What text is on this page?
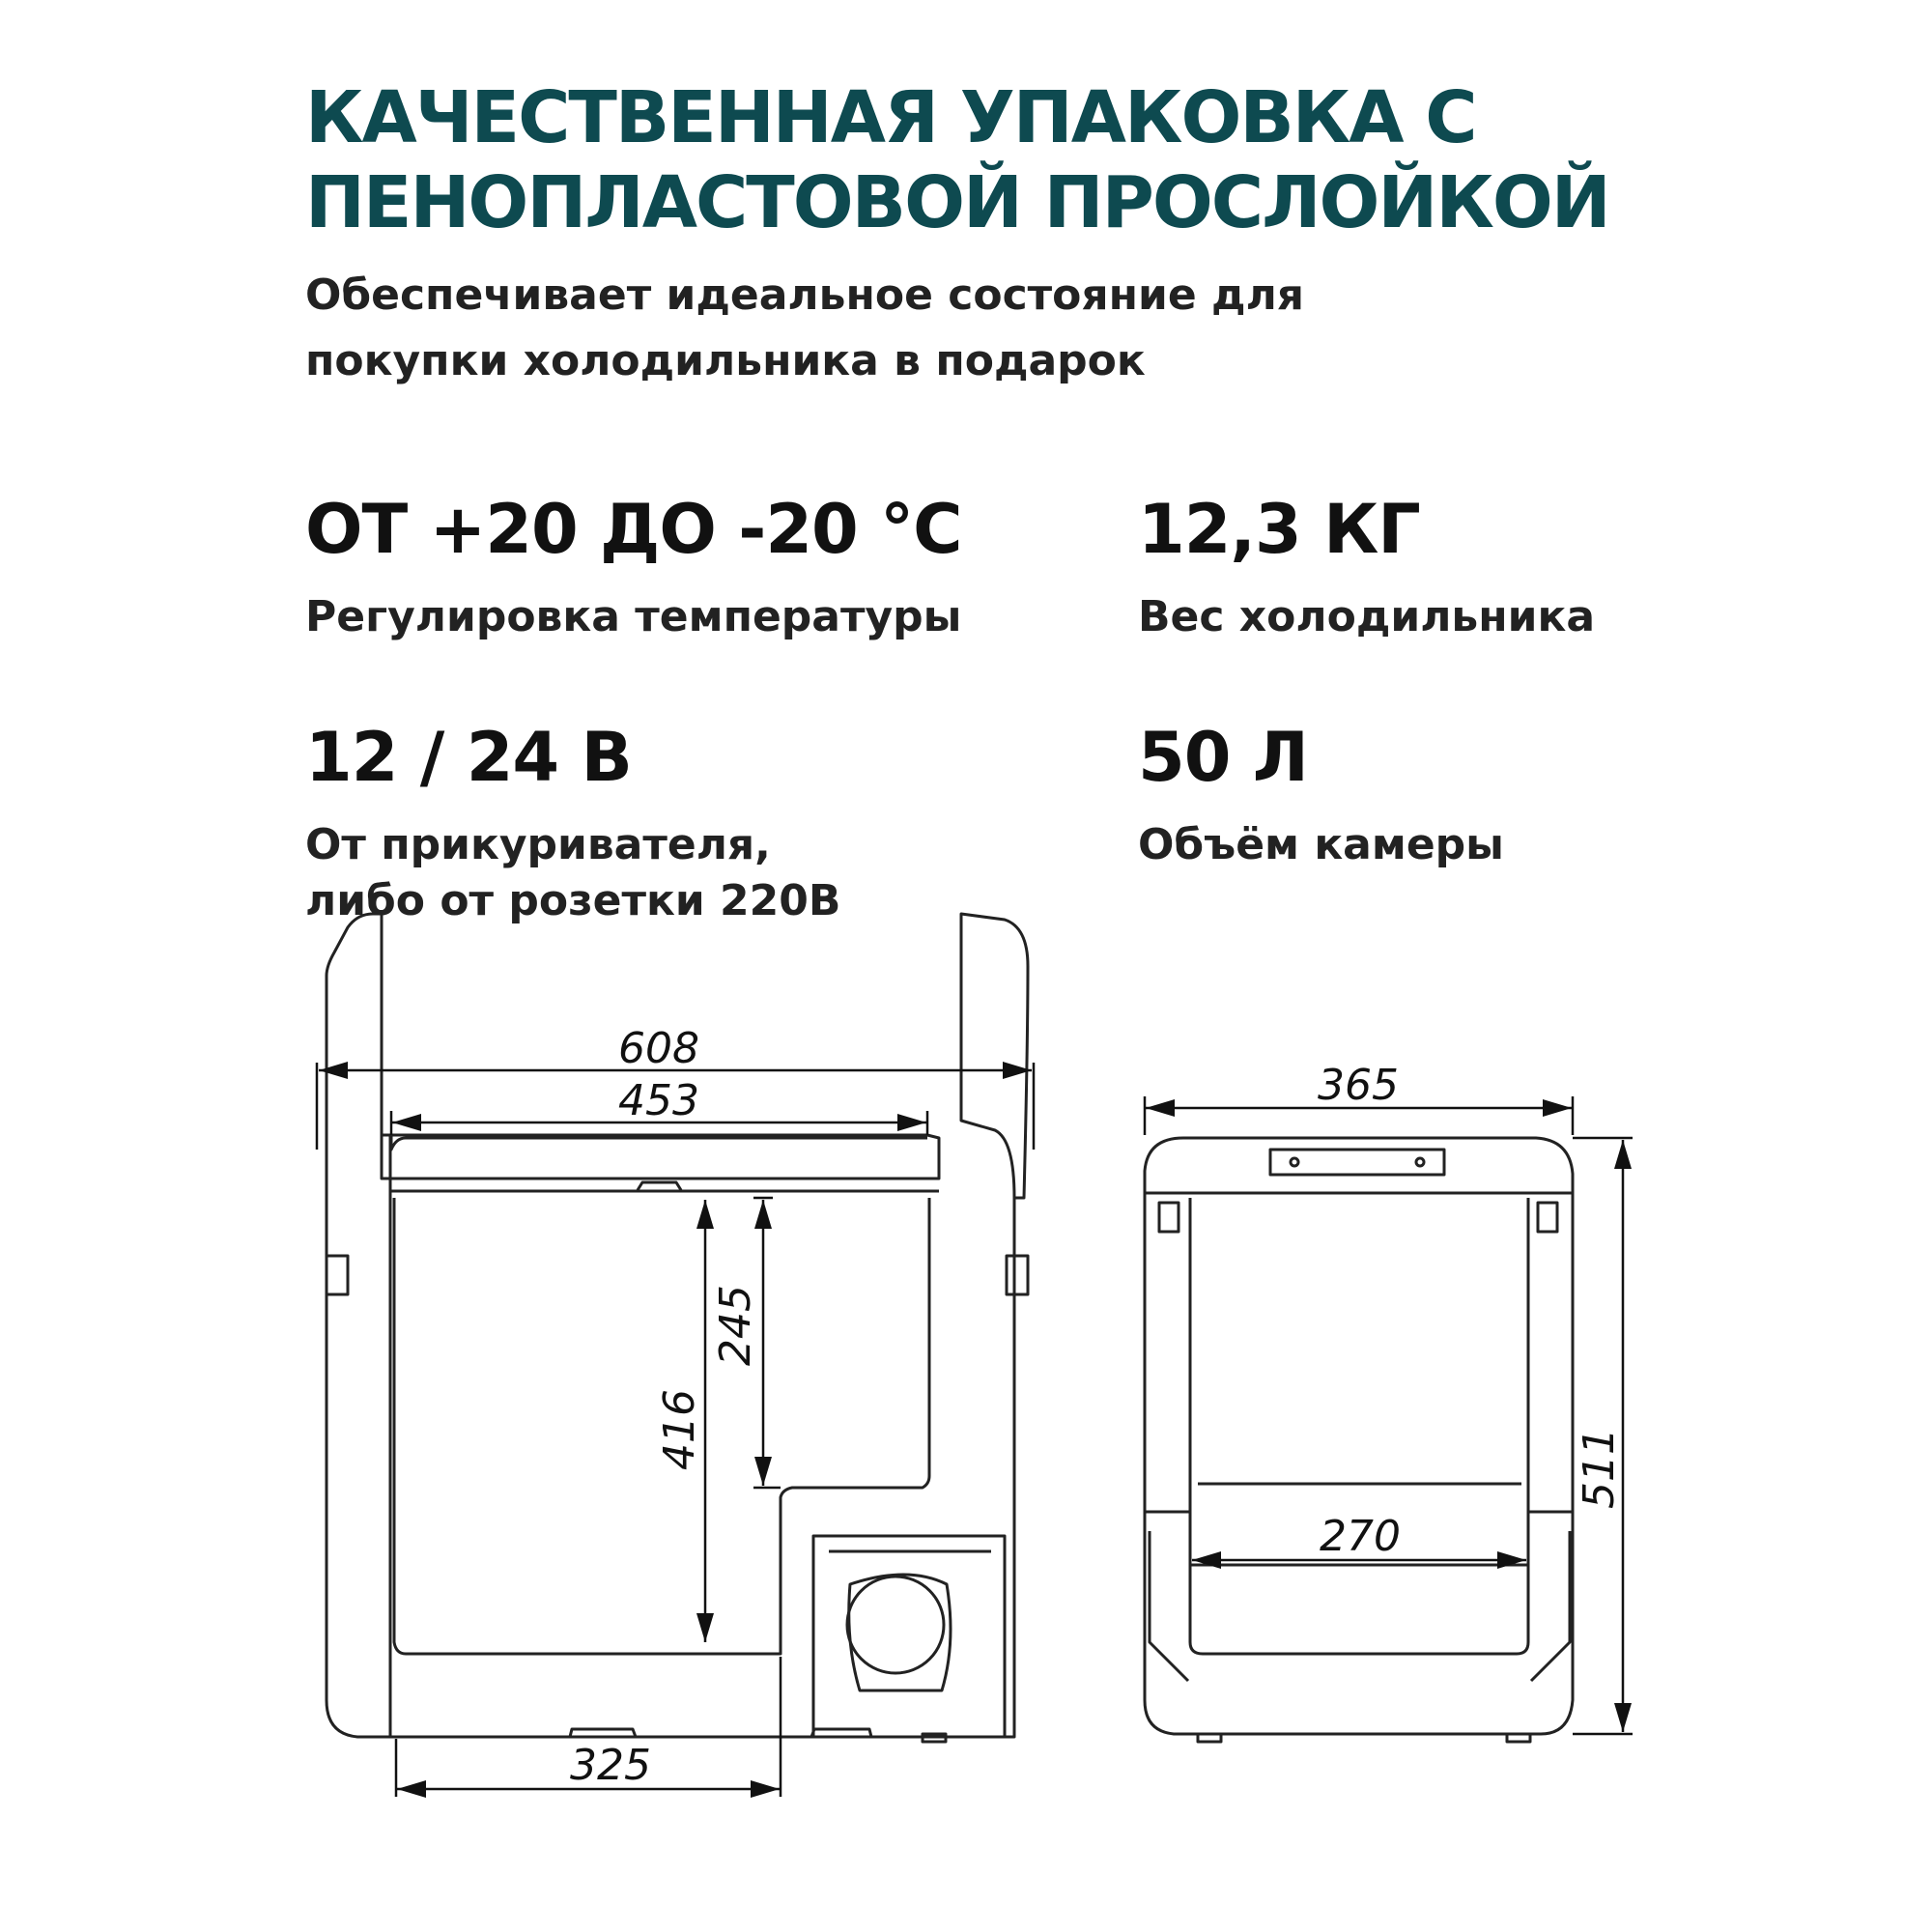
КАЧЕСТВЕННАЯ УПАКОВКА С
ПЕНОПЛАСТОВОЙ ПРОСЛОЙКОЙ

Обеспечивает идеальное состояние для
покупки холодильника в подарок

ОТ +20 ДО -20 °С
Регулировка температуры
12,3 КГ
Вес холодильника
12 / 24 В
От прикуривателя,
либо от розетки 220В
50 Л
Объём камеры
608
453
416
245
325
365
511
270
